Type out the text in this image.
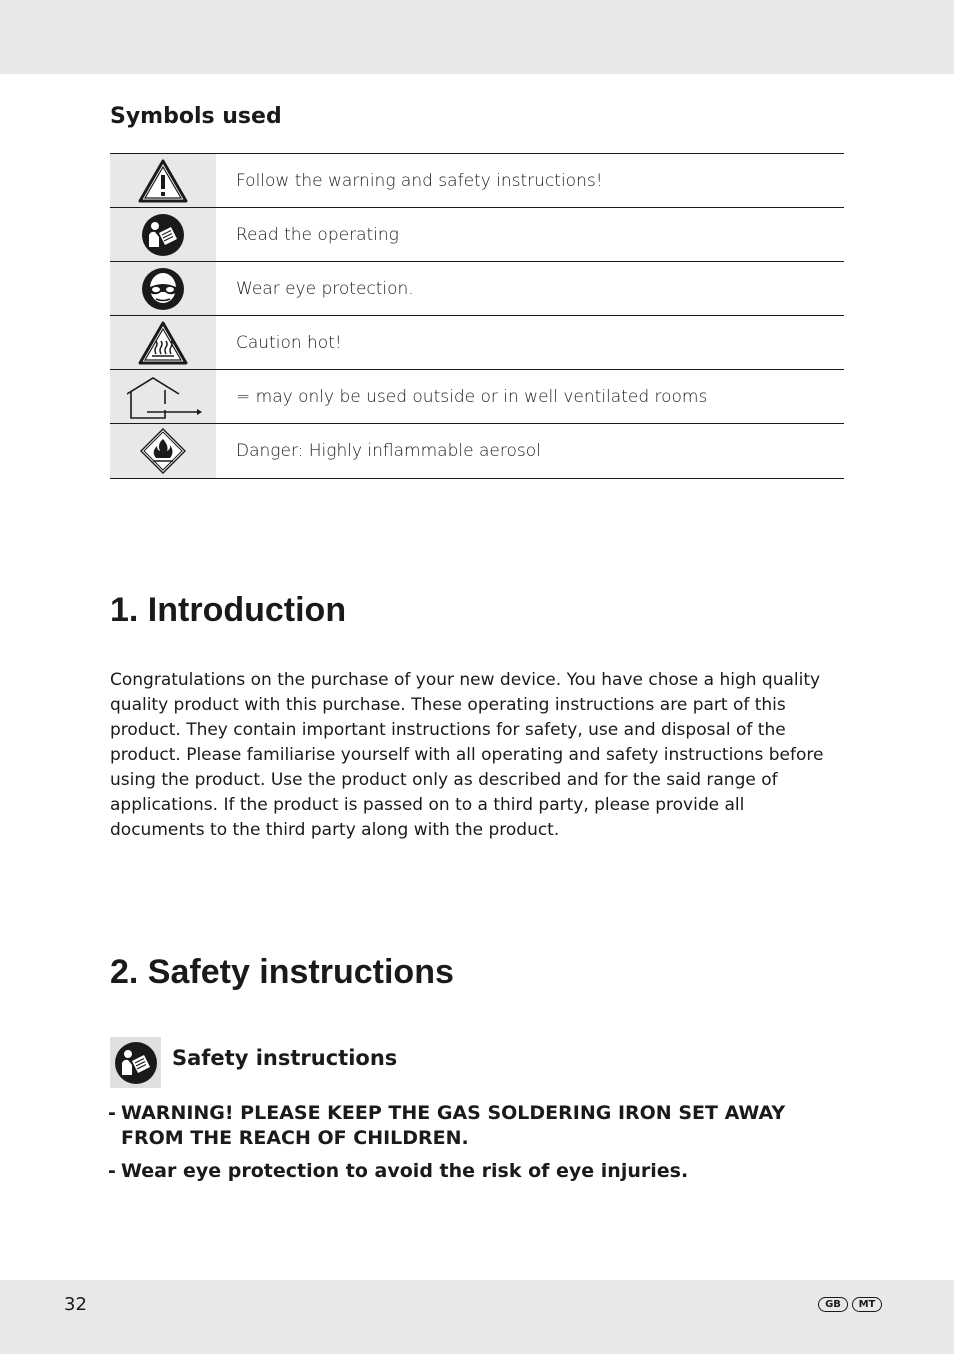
Symbols used
Follow the warning and safety instructions!
Read the operating
Wear eye protection.
Caution hot!
= may only be used outside or in well ventilated rooms
Danger: Highly inflammable aerosol
1. Introduction

Congratulations on the purchase of your new device. You have chose a high quality quality product with this purchase. These operating instructions are part of this product. They contain important instructions for safety, use and disposal of the product. Please familiarise yourself with all operating and safety instructions before using the product. Use the product only as described and for the said range of applications. If the product is passed on to a third party, please provide all documents to the third party along with the product.

2. Safety instructions
Safety instructions
- WARNING! PLEASE KEEP THE GAS SOLDERING IRON SET AWAY FROM THE REACH OF CHILDREN.
- Wear eye protection to avoid the risk of eye injuries.
32	GB	MT
